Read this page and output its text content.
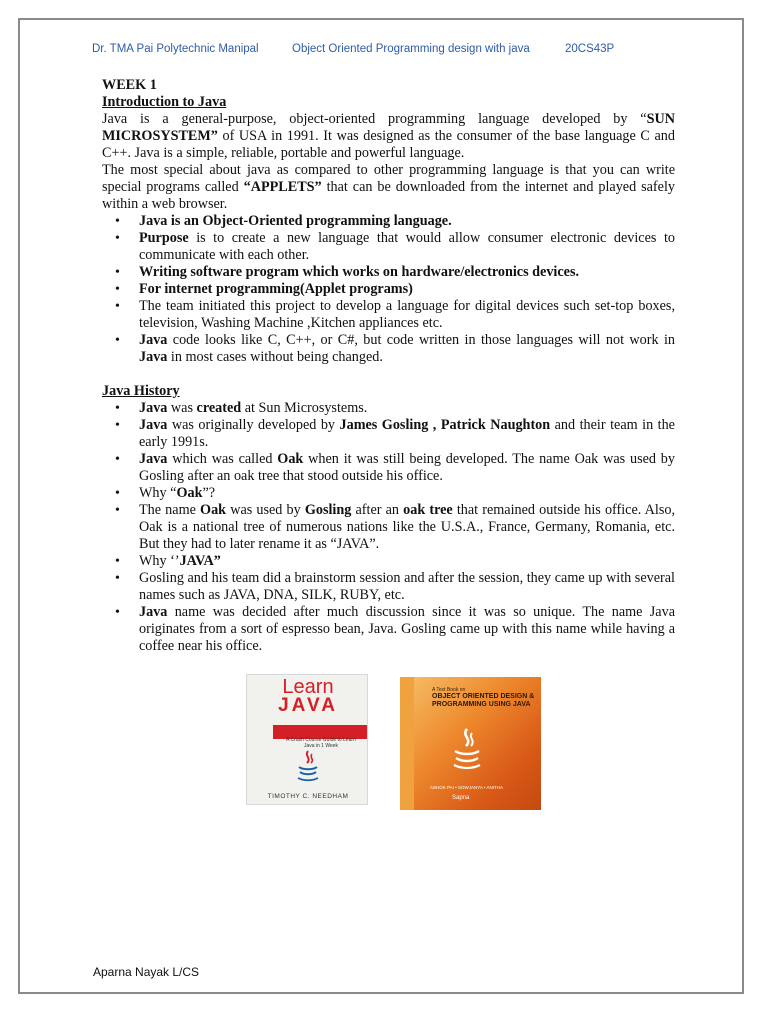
Dr. TMA Pai Polytechnic Manipal	Object Oriented Programming design with java	20CS43P

WEEK 1

Introduction to Java

Java is a general-purpose, object-oriented programming language developed by “SUN MICROSYSTEM” of USA in 1991. It was designed as the consumer of the base language C and C++. Java is a simple, reliable, portable and powerful language.

The most special about java as compared to other programming language is that you can write special programs called “APPLETS” that can be downloaded from the internet and played safely within a web browser.

• Java is an Object-Oriented programming language.
• Purpose is to create a new language that would allow consumer electronic devices to communicate with each other.
• Writing software program which works on hardware/electronics devices.
• For internet programming(Applet programs)
• The team initiated this project to develop a language for digital devices such set-top boxes, television, Washing Machine ,Kitchen appliances etc.
• Java code looks like C, C++, or C#, but code written in those languages will not work in Java in most cases without being changed.

Java History

• Java was created at Sun Microsystems.
• Java was originally developed by James Gosling , Patrick Naughton and their team in the early 1991s.
• Java which was called Oak when it was still being developed. The name Oak was used by Gosling after an oak tree that stood outside his office.
• Why “Oak”?
• The name Oak was used by Gosling after an oak tree that remained outside his office. Also, Oak is a national tree of numerous nations like the U.S.A., France, Germany, Romania, etc. But they had to later rename it as “JAVA”.
• Why ‘’JAVA”
• Gosling and his team did a brainstorm session and after the session, they came up with several names such as JAVA, DNA, SILK, RUBY, etc.
• Java name was decided after much discussion since it was so unique. The name Java originates from a sort of espresso bean, Java. Gosling came up with this name while having a coffee near his office.
Learn
JAVA
A Crash Course Guide to Learn Java in 1 Week
TIMOTHY C. NEEDHAM
A Text Book on
OBJECT ORIENTED DESIGN & PROGRAMMING USING JAVA
ASHOK PAI • SOWJANYA • ANITHA
Sapna
Aparna Nayak L/CS
